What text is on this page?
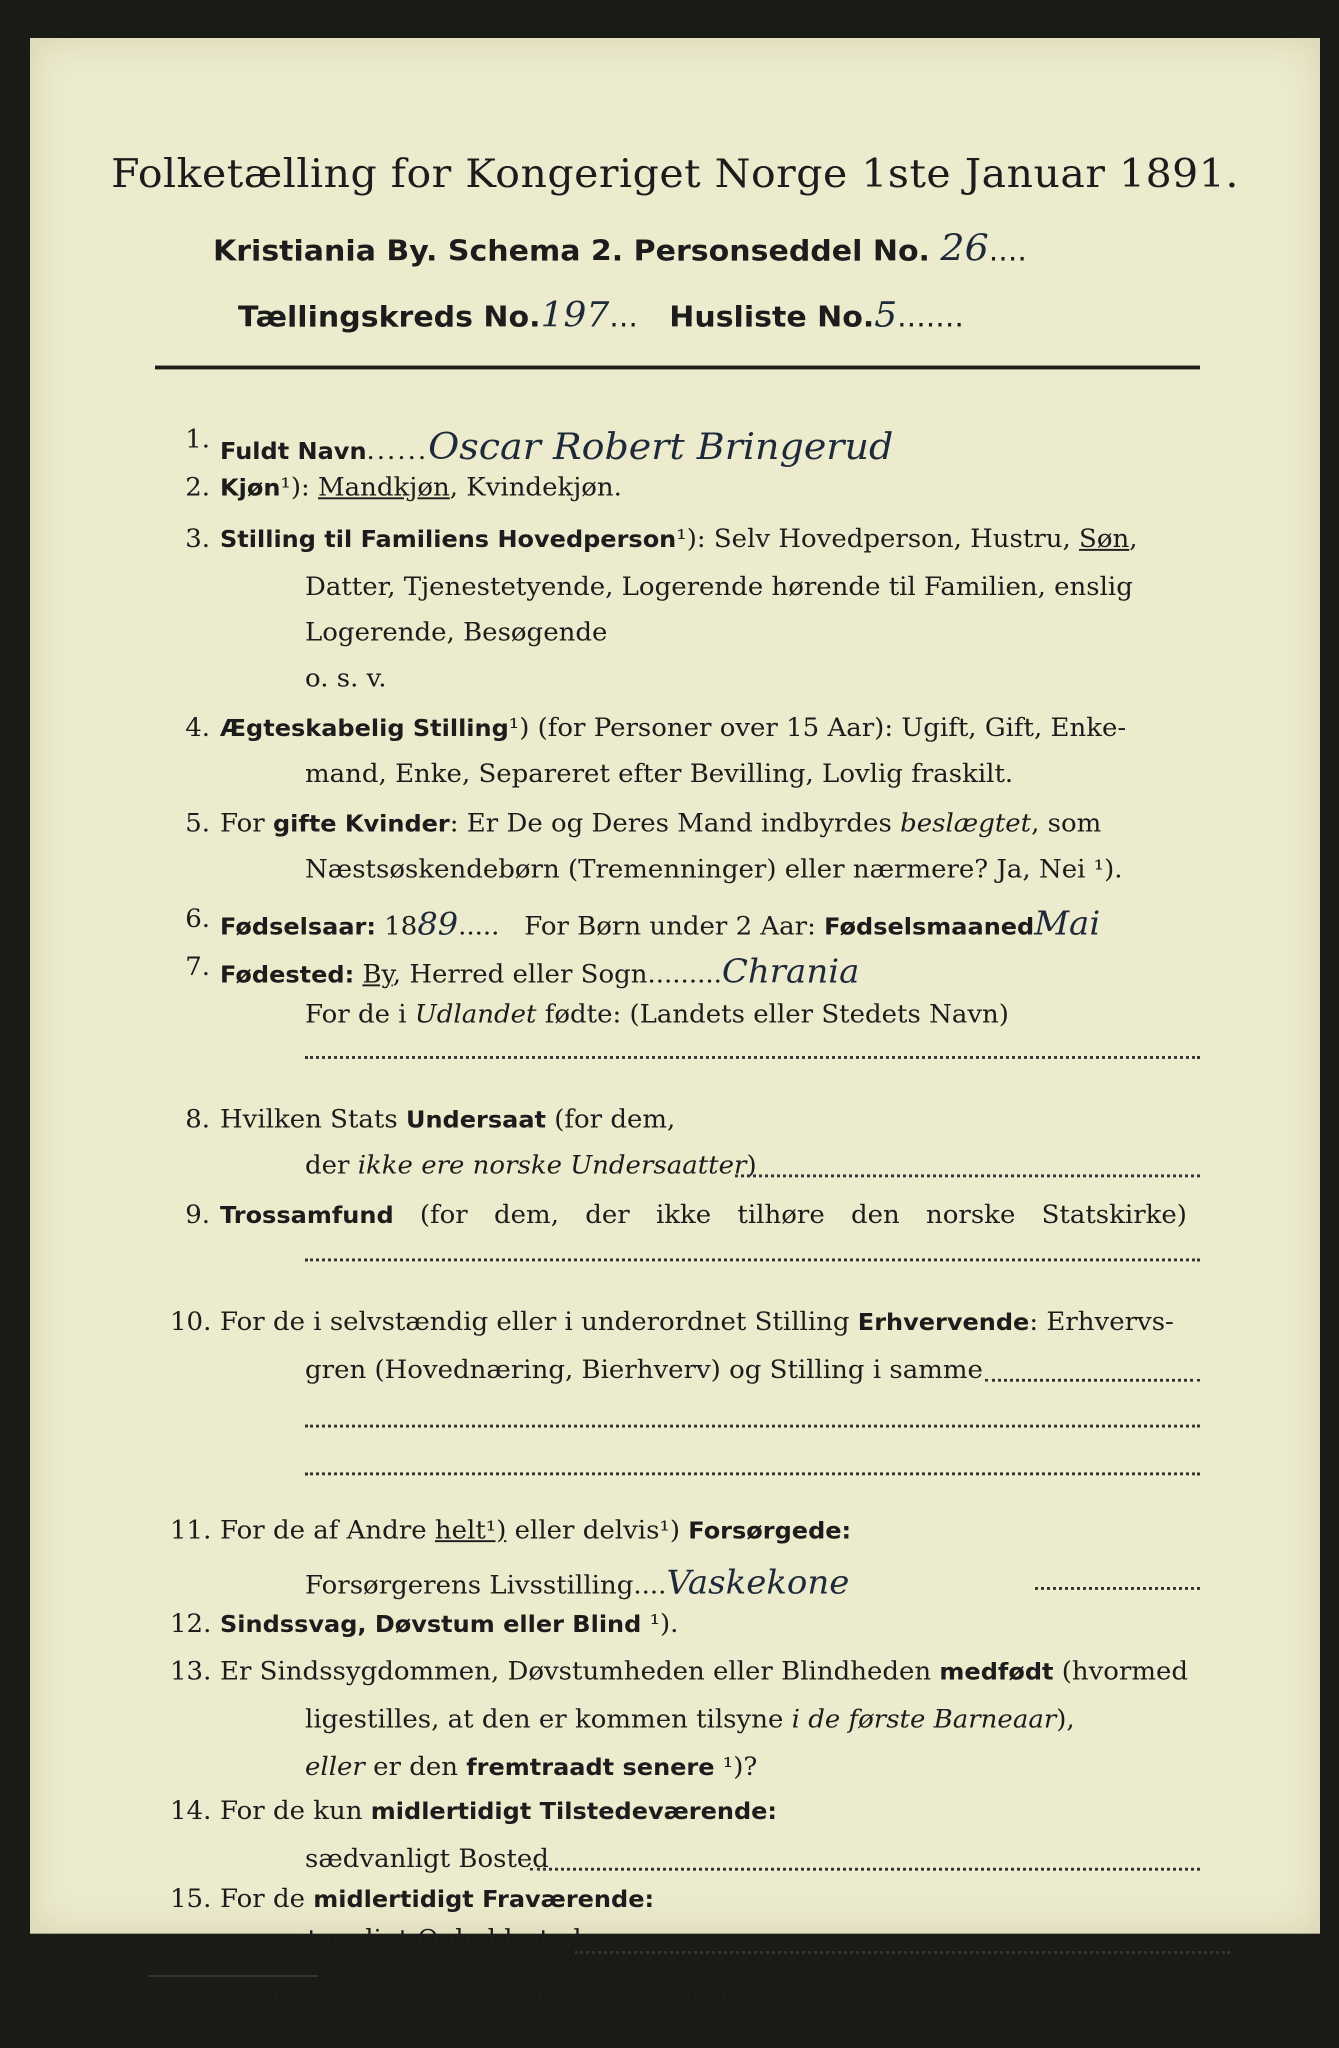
Folketælling for Kongeriget Norge 1ste Januar 1891.
Kristiania By. Schema 2. Personseddel No. 26....
Tællingskreds No.197... Husliste No.5.......
1. Fuldt Navn......Oscar Robert Bringerud
2. Kjøn¹): Mandkjøn, Kvindekjøn.
3. Stilling til Familiens Hovedperson¹): Selv Hovedperson, Hustru, Søn,
Datter, Tjenestetyende, Logerende hørende til Familien, enslig
Logerende, Besøgende
o. s. v.
4. Ægteskabelig Stilling¹) (for Personer over 15 Aar): Ugift, Gift, Enke-
mand, Enke, Separeret efter Bevilling, Lovlig fraskilt.
5. For gifte Kvinder: Er De og Deres Mand indbyrdes beslægtet, som
Næstsøskendebørn (Tremenninger) eller nærmere? Ja, Nei ¹).
6. Fødselsaar: 1889.....   For Børn under 2 Aar: FødselsmaanedMai
7. Fødested: By, Herred eller Sogn.........Chrania
For de i Udlandet fødte: (Landets eller Stedets Navn)
8. Hvilken Stats Undersaat (for dem,
der ikke ere norske Undersaatter)
9. Trossamfund (for dem, der ikke tilhøre den norske Statskirke)
10. For de i selvstændig eller i underordnet Stilling Erhvervende: Erhvervs-
gren (Hovednæring, Bierhverv) og Stilling i samme
11. For de af Andre helt¹) eller delvis¹) Forsørgede:
Forsørgerens Livsstilling....Vaskekone
12. Sindssvag, Døvstum eller Blind ¹).
13. Er Sindssygdommen, Døvstumheden eller Blindheden medfødt (hvormed
ligestilles, at den er kommen tilsyne i de første Barneaar),
eller er den fremtraadt senere ¹)?
14. For de kun midlertidigt Tilstedeværende:
sædvanligt Bosted
15. For de midlertidigt Fraværende:
antageligt Opholdssted
¹) De for hvert Tilfælde passende Ord understreges.
